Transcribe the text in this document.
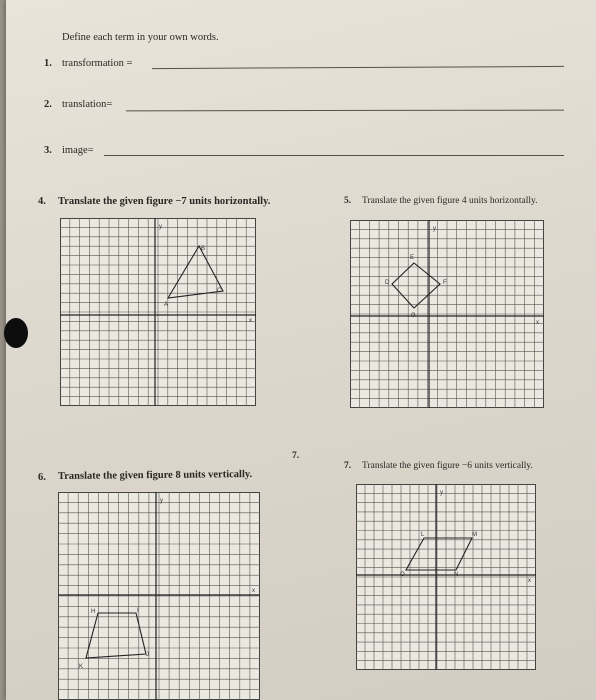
Define each term in your own words.
1. transformation =
2. translation=
3. image=
4. Translate the given figure −7 units horizontally.	5. Translate the given figure 4 units horizontally.
7.
6. Translate the given figure 8 units vertically.
7. Translate the given figure −6 units vertically.
y
x
B
C
A
y
x
E
F
D
G
y
x
H	I
J
K
y
x
L	M
N
O
